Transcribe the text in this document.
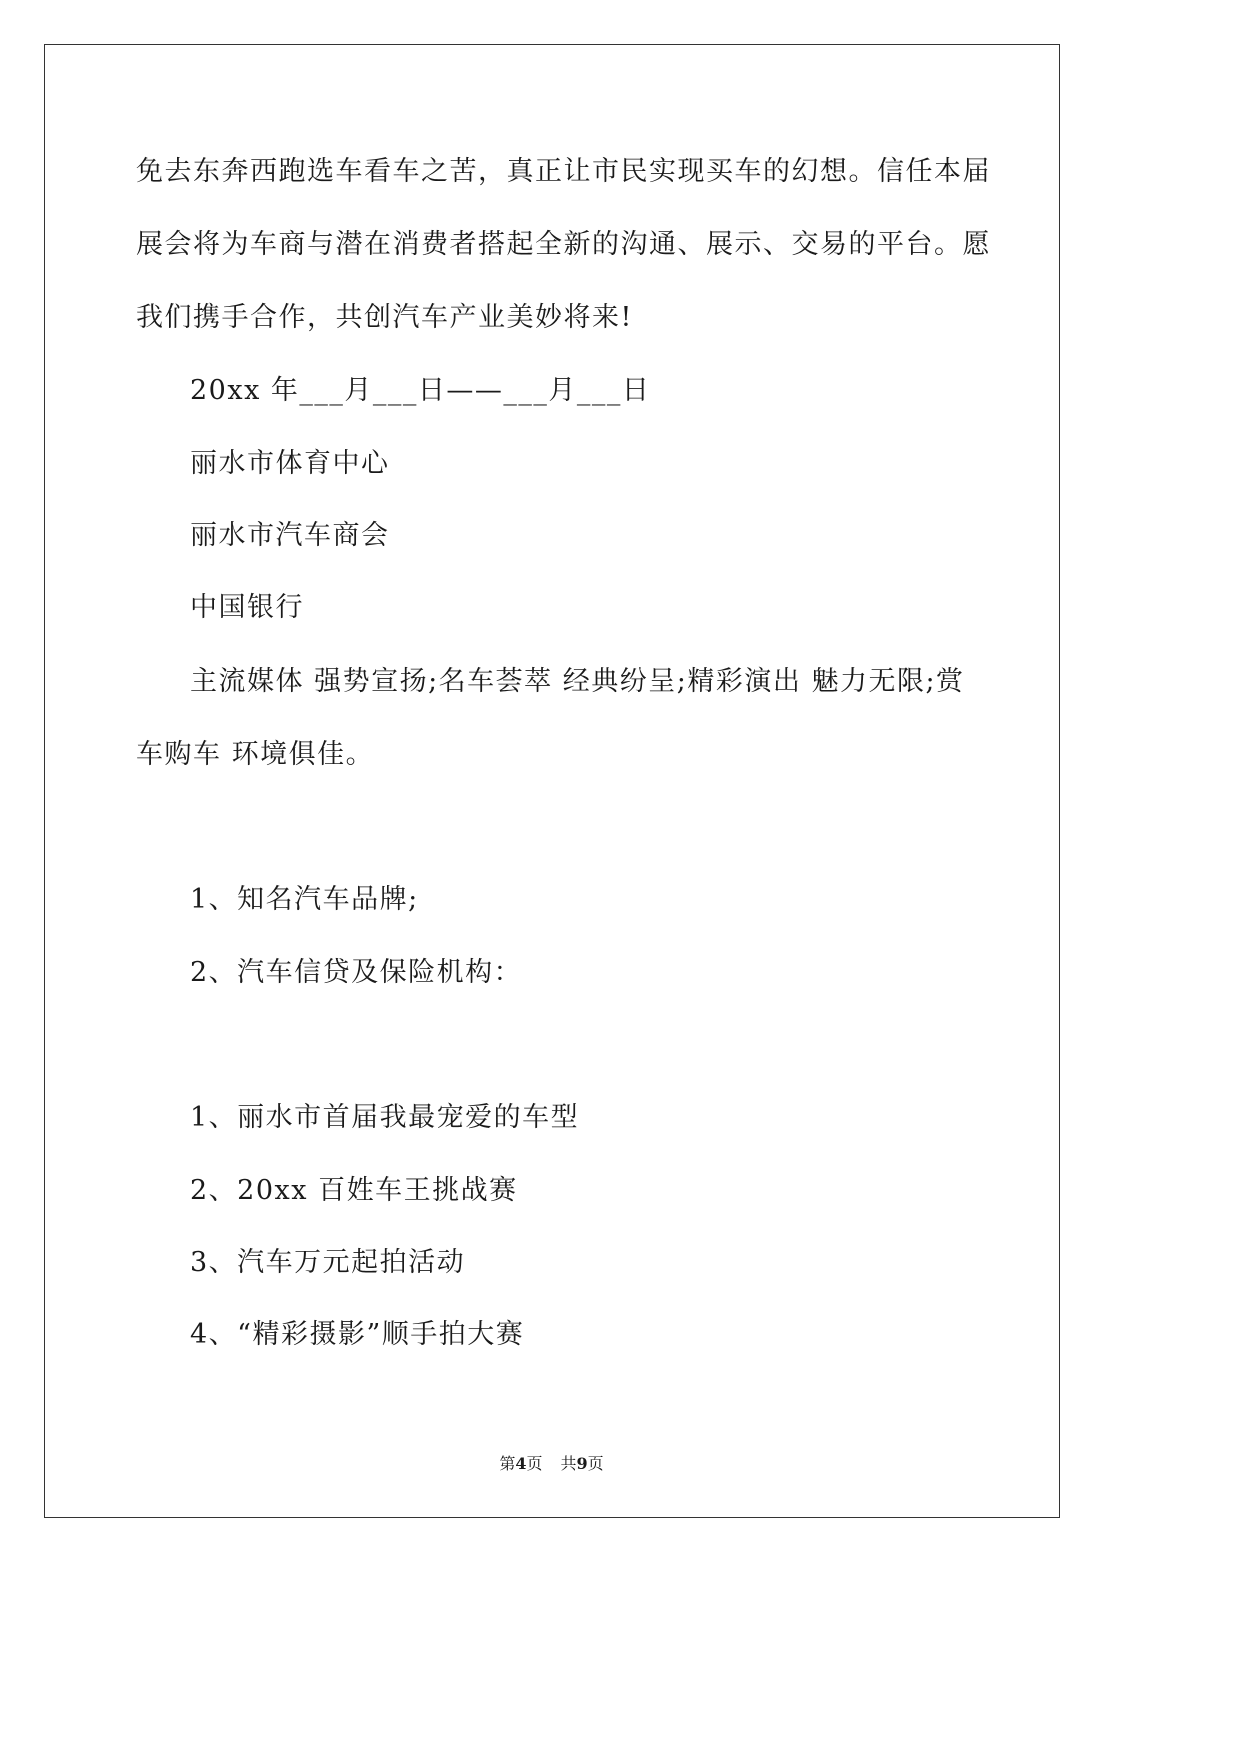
免去东奔西跑选车看车之苦，真正让市民实现买车的幻想。信任本届
展会将为车商与潜在消费者搭起全新的沟通、展示、交易的平台。愿
我们携手合作，共创汽车产业美妙将来!
20xx 年___月___日——___月___日
丽水市体育中心
丽水市汽车商会
中国银行
主流媒体 强势宣扬;名车荟萃 经典纷呈;精彩演出 魅力无限;赏
车购车 环境俱佳。
1、知名汽车品牌;
2、汽车信贷及保险机构：
1、丽水市首届我最宠爱的车型
2、20xx 百姓车王挑战赛
3、汽车万元起拍活动
4、“精彩摄影”顺手拍大赛
第4页 共9页
